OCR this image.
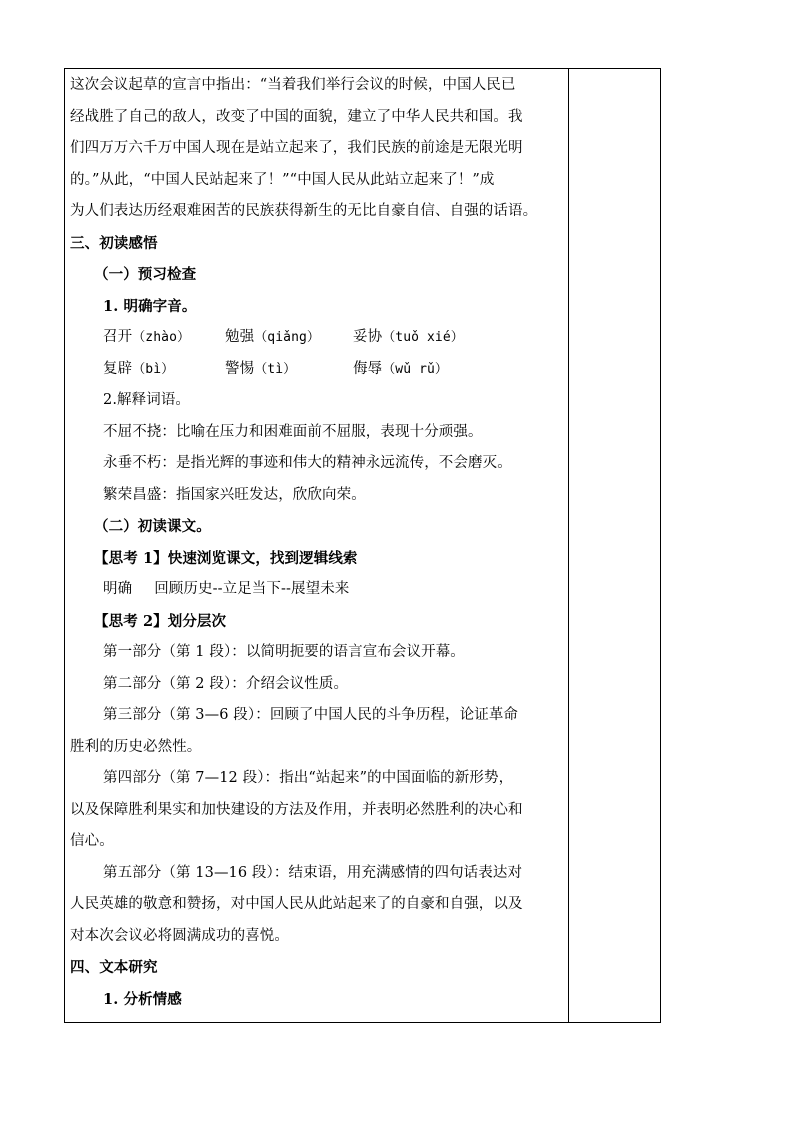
这次会议起草的宣言中指出：“当着我们举行会议的时候，中国人民已
经战胜了自己的敌人，改变了中国的面貌，建立了中华人民共和国。我
们四万万六千万中国人现在是站立起来了，我们民族的前途是无限光明
的。”从此，“中国人民站起来了！”“中国人民从此站立起来了！”成
为人们表达历经艰难困苦的民族获得新生的无比自豪自信、自强的话语。
三、初读感悟
（一）预习检查
1. 明确字音。
召开（zhào） 勉强（qiǎng） 妥协（tuǒ xié）
复辟（bì）	警惕（tì）	侮辱（wǔ rǔ）
2.解释词语。
不屈不挠：比喻在压力和困难面前不屈服，表现十分顽强。
永垂不朽：是指光辉的事迹和伟大的精神永远流传，不会磨灭。
繁荣昌盛：指国家兴旺发达，欣欣向荣。
（二）初读课文。
【思考 1】快速浏览课文，找到逻辑线索
明确 回顾历史--立足当下--展望未来
【思考 2】划分层次
第一部分（第 1 段）：以简明扼要的语言宣布会议开幕。
第二部分（第 2 段）：介绍会议性质。
第三部分（第 3—6 段）：回顾了中国人民的斗争历程，论证革命
胜利的历史必然性。
第四部分（第 7—12 段）：指出“站起来”的中国面临的新形势，
以及保障胜利果实和加快建设的方法及作用，并表明必然胜利的决心和
信心。
第五部分（第 13—16 段）：结束语，用充满感情的四句话表达对
人民英雄的敬意和赞扬，对中国人民从此站起来了的自豪和自强，以及
对本次会议必将圆满成功的喜悦。
四、文本研究
1. 分析情感
